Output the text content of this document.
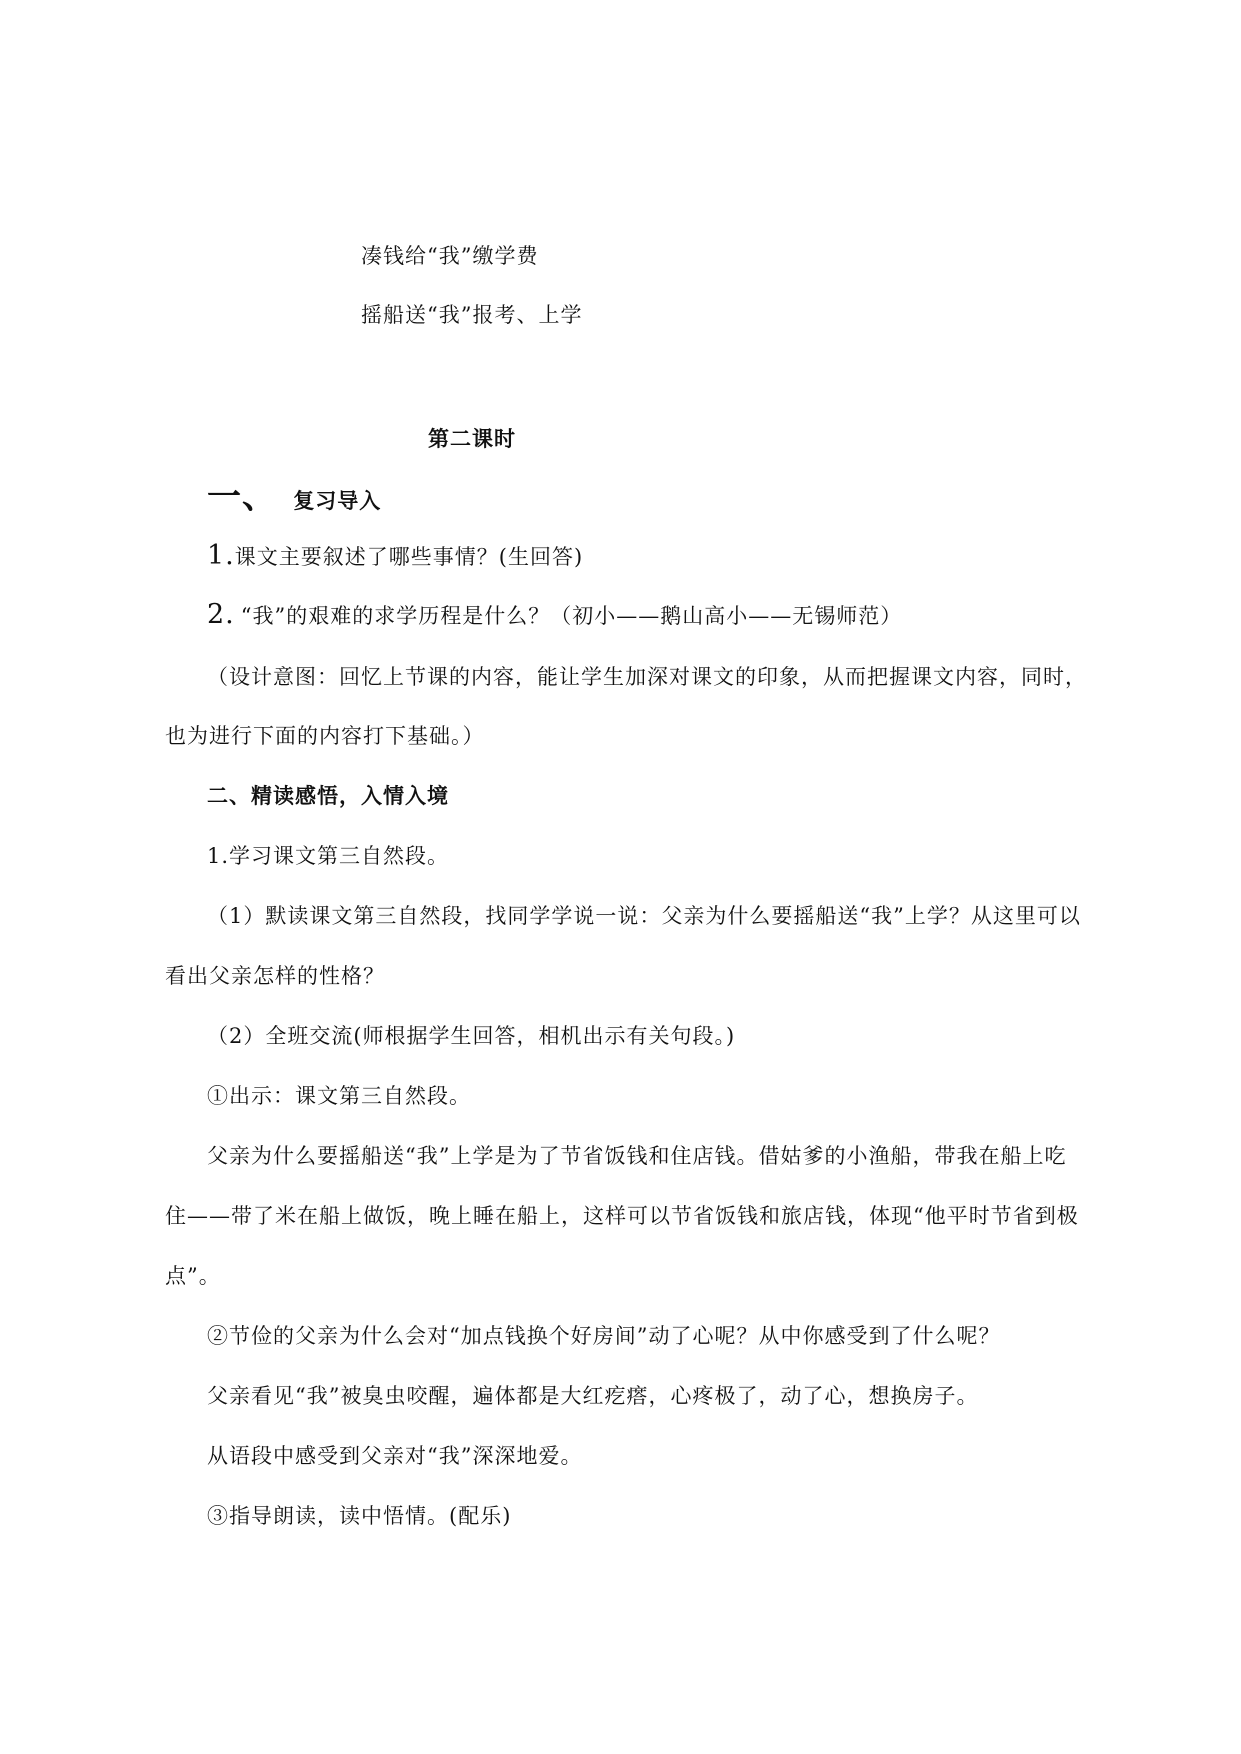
凑钱给“我”缴学费
摇船送“我”报考、上学
第二课时
一、 复习导入
1.课文主要叙述了哪些事情？(生回答)
2. “我”的艰难的求学历程是什么？（初小——鹅山高小——无锡师范）
（设计意图：回忆上节课的内容，能让学生加深对课文的印象，从而把握课文内容，同时，
也为进行下面的内容打下基础。）
二、精读感悟，入情入境
1.学习课文第三自然段。
（1）默读课文第三自然段，找同学学说一说：父亲为什么要摇船送“我”上学？从这里可以
看出父亲怎样的性格？
（2）全班交流(师根据学生回答，相机出示有关句段。)
①出示：课文第三自然段。
父亲为什么要摇船送“我”上学是为了节省饭钱和住店钱。借姑爹的小渔船，带我在船上吃
住——带了米在船上做饭，晚上睡在船上，这样可以节省饭钱和旅店钱，体现“他平时节省到极
点”。
②节俭的父亲为什么会对“加点钱换个好房间”动了心呢？从中你感受到了什么呢？
父亲看见“我”被臭虫咬醒，遍体都是大红疙瘩，心疼极了，动了心，想换房子。
从语段中感受到父亲对“我”深深地爱。
③指导朗读，读中悟情。(配乐)
